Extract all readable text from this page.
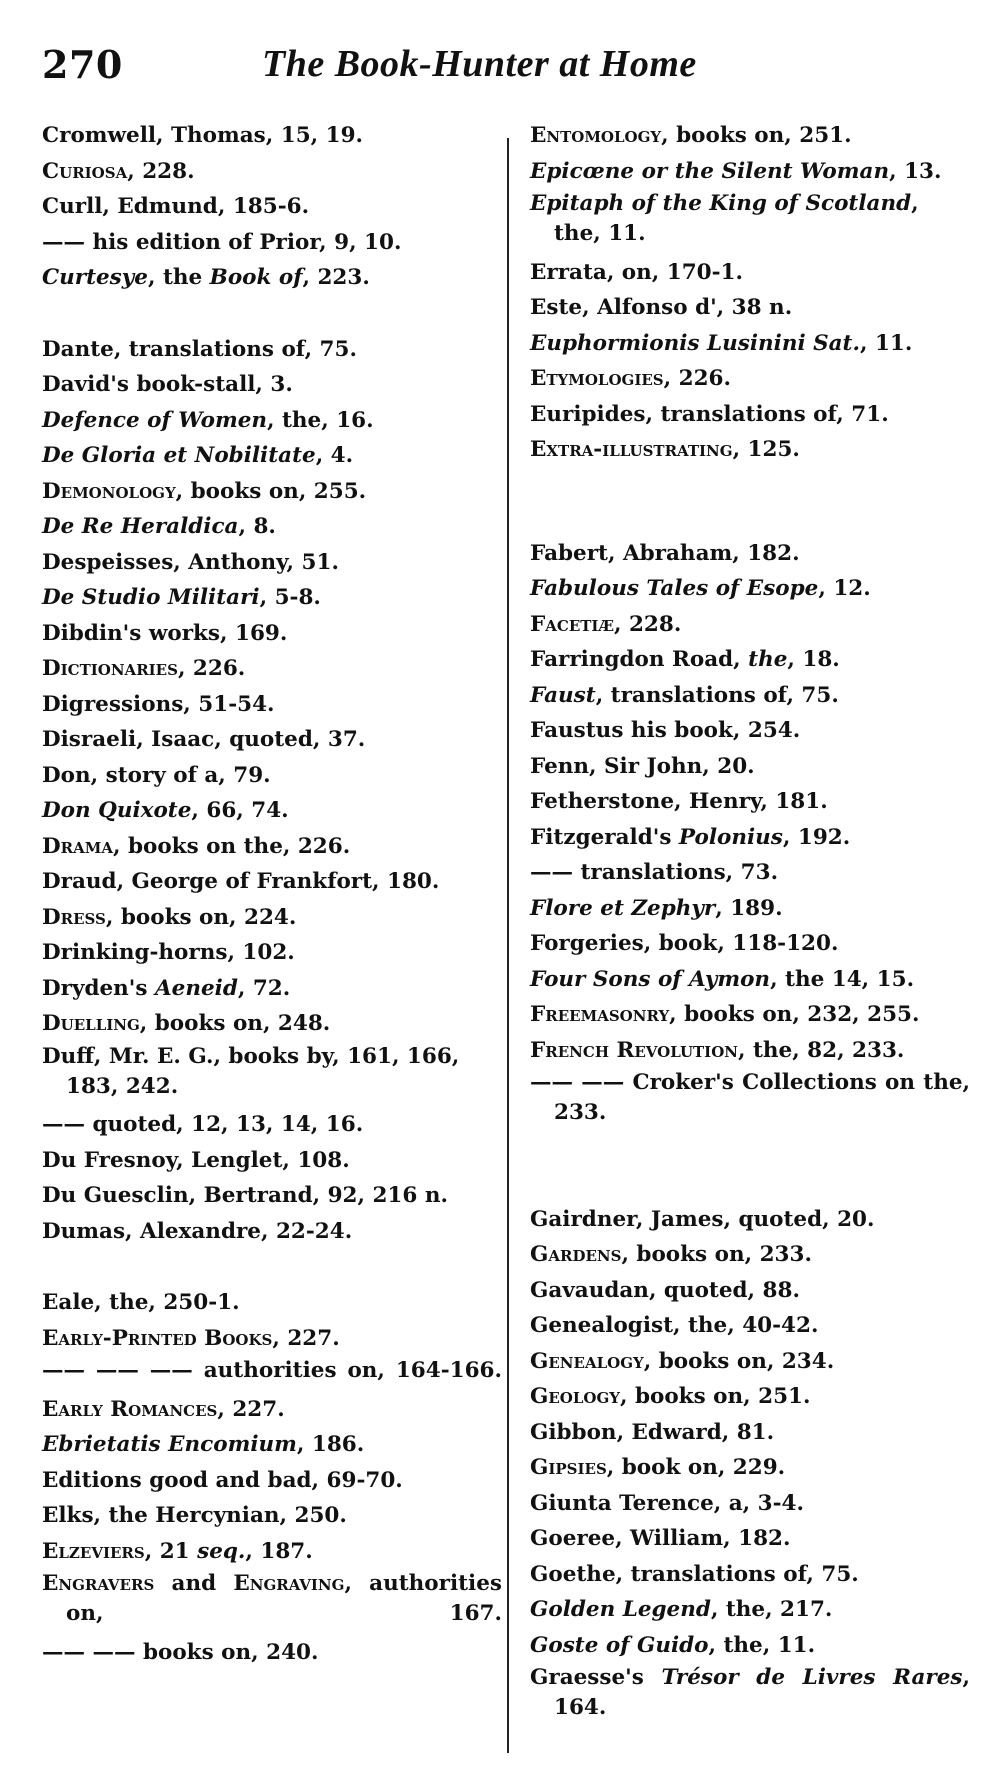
270	The Book-Hunter at Home
Cromwell, Thomas, 15, 19.
Curiosa, 228.
Curll, Edmund, 185-6.
—— his edition of Prior, 9, 10.
Curtesye, the Book of, 223.
Dante, translations of, 75.
David's book-stall, 3.
Defence of Women, the, 16.
De Gloria et Nobilitate, 4.
Demonology, books on, 255.
De Re Heraldica, 8.
Despeisses, Anthony, 51.
De Studio Militari, 5-8.
Dibdin's works, 169.
Dictionaries, 226.
Digressions, 51-54.
Disraeli, Isaac, quoted, 37.
Don, story of a, 79.
Don Quixote, 66, 74.
Drama, books on the, 226.
Draud, George of Frankfort, 180.
Dress, books on, 224.
Drinking-horns, 102.
Dryden's Aeneid, 72.
Duelling, books on, 248.
Duff, Mr. E. G., books by, 161, 166, 183, 242.
—— quoted, 12, 13, 14, 16.
Du Fresnoy, Lenglet, 108.
Du Guesclin, Bertrand, 92, 216 n.
Dumas, Alexandre, 22-24.
Eale, the, 250-1.
Early-Printed Books, 227.
—— —— —— authorities on, 164-166.
Early Romances, 227.
Ebrietatis Encomium, 186.
Editions good and bad, 69-70.
Elks, the Hercynian, 250.
Elzeviers, 21 seq., 187.
Engravers and Engraving, authorities on, 167.
—— —— books on, 240.
Entomology, books on, 251.
Epicœne or the Silent Woman, 13.
Epitaph of the King of Scotland, the, 11.
Errata, on, 170-1.
Este, Alfonso d', 38 n.
Euphormionis Lusinini Sat., 11.
Etymologies, 226.
Euripides, translations of, 71.
Extra-illustrating, 125.
Fabert, Abraham, 182.
Fabulous Tales of Esope, 12.
Facetiæ, 228.
Farringdon Road, the, 18.
Faust, translations of, 75.
Faustus his book, 254.
Fenn, Sir John, 20.
Fetherstone, Henry, 181.
Fitzgerald's Polonius, 192.
—— translations, 73.
Flore et Zephyr, 189.
Forgeries, book, 118-120.
Four Sons of Aymon, the 14, 15.
Freemasonry, books on, 232, 255.
French Revolution, the, 82, 233.
—— —— Croker's Collections on the, 233.
Gairdner, James, quoted, 20.
Gardens, books on, 233.
Gavaudan, quoted, 88.
Genealogist, the, 40-42.
Genealogy, books on, 234.
Geology, books on, 251.
Gibbon, Edward, 81.
Gipsies, book on, 229.
Giunta Terence, a, 3-4.
Goeree, William, 182.
Goethe, translations of, 75.
Golden Legend, the, 217.
Goste of Guido, the, 11.
Graesse's Trésor de Livres Rares, 164.
